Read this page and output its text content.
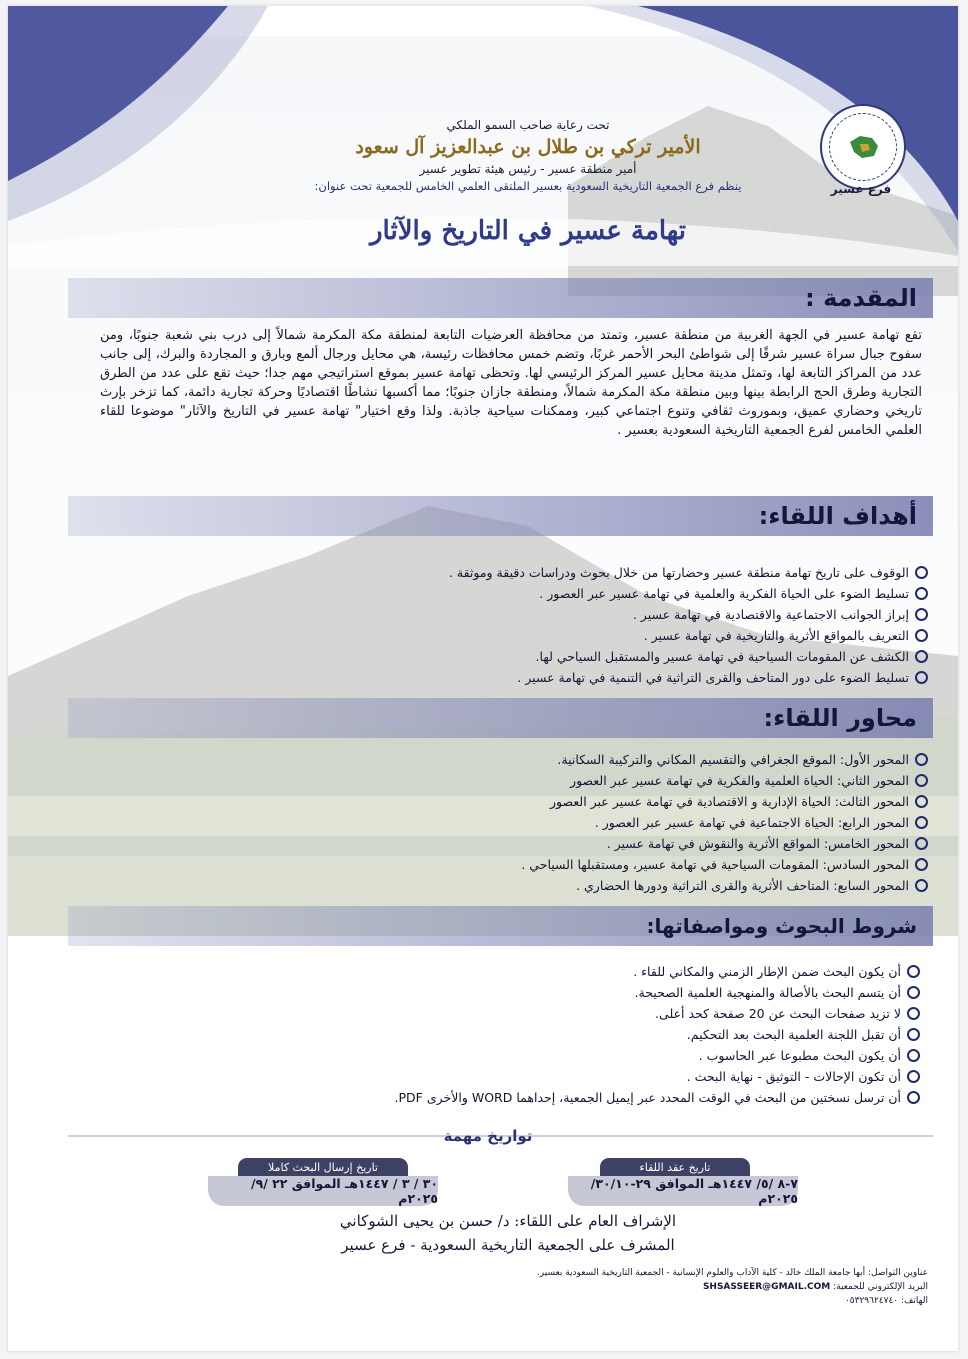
فرع عسير
تحت رعاية صاحب السمو الملكي
الأمير تركي بن طلال بن عبدالعزيز آل سعود
أمير منطقة عسير - رئيس هيئة تطوير عسير
ينظم فرع الجمعية التاريخية السعودية بعسير الملتقى العلمي الخامس للجمعية تحت عنوان:
تهامة عسير في التاريخ والآثار
المقدمة :
تقع تهامة عسير في الجهة الغربية من منطقة عسير، وتمتد من محافظة العرضيات التابعة لمنطقة مكة المكرمة شمالاً إلى درب بني شعبة جنوبًا، ومن سفوح جبال سراة عسير شرقًا إلى شواطئ البحر الأحمر غربًا، وتضم خمس محافظات رئيسة، هي محايل ورجال ألمع وبارق و المجاردة والبرك، إلى جانب عدد من المراكز التابعة لها، وتمثل مدينة محايل عسير المركز الرئيسي لها. وتحظى تهامة عسير بموقع استراتيجي مهم جدا؛ حيث تقع على عدد من الطرق التجارية وطرق الحج الرابطة بينها وبين منطقة مكة المكرمة شمالاً، ومنطقة جازان جنوبًا؛ مما أكسبها نشاطًا اقتصاديًا وحركة تجارية دائمة، كما تزخر بإرث تاريخي وحضاري عميق، وبموروث ثقافي وتنوع اجتماعي كبير، وممكنات سياحية جاذبة. ولذا وقع اختيار" تهامة عسير في التاريخ والآثار" موضوعا للقاء العلمي الخامس لفرع الجمعية التاريخية السعودية بعسير .
أهداف اللقاء:
الوقوف على تاريخ تهامة منطقة عسير وحضارتها من خلال بحوث ودراسات دقيقة وموثقة .
تسليط الضوء على الحياة الفكرية والعلمية في تهامة عسير عبر العصور .
إبراز الجوانب الاجتماعية والاقتصادية في تهامة عسير .
التعريف بالمواقع الأثرية والتاريخية في تهامة عسير .
الكشف عن المقومات السياحية في تهامة عسير والمستقبل السياحي لها.
تسليط الضوء على دور المتاحف والقرى التراثية في التنمية في تهامة عسير .
محاور اللقاء:
المحور الأول: الموقع الجغرافي والتقسيم المكاني والتركيبة السكانية.
المحور الثاني: الحياة العلمية والفكرية في تهامة عسير عبر العصور
المحور الثالث: الحياة الإدارية و الاقتصادية في تهامة عسير عبر العصور
المحور الرابع: الحياة الاجتماعية في تهامة عسير عبر العصور .
المحور الخامس: المواقع الأثرية والنقوش في تهامة عسير .
المحور السادس: المقومات السياحية في تهامة عسير، ومستقبلها السياحي .
المحور السابع: المتاحف الأثرية والقرى التراثية ودورها الحضاري .
شروط البحوث ومواصفاتها:
أن يكون البحث ضمن الإطار الزمني والمكاني للقاء .
أن يتسم البحث بالأصالة والمنهجية العلمية الصحيحة.
لا تزيد صفحات البحث عن 20 صفحة كحد أعلى.
أن تقبل اللجنة العلمية البحث بعد التحكيم.
أن يكون البحث مطبوعا عبر الحاسوب .
أن تكون الإحالات - التوثيق - نهاية البحث .
أن ترسل نسختين من البحث في الوقت المحدد عبر إيميل الجمعية، إحداهما WORD والأخرى PDF.
تواريخ مهمة
تاريخ عقد اللقاء
٧-٨ /٥/ ١٤٤٧هـ الموافق ٢٩-٣٠/١٠/ ٢٠٢٥م
تاريخ إرسال البحث كاملا
٣٠ / ٣ / ١٤٤٧هـ الموافق ٢٢ /٩/ ٢٠٢٥م
الإشراف العام على اللقاء: د/ حسن بن يحيى الشوكاني
المشرف على الجمعية التاريخية السعودية - فرع عسير
عناوين التواصل: أبها جامعة الملك خالد - كلية الآداب والعلوم الإنسانية - الجمعية التاريخية السعودية بعسير.
البريد الإلكتروني للجمعية: SHSASSEER@GMAIL.COM
الهاتف: ٠٥٣٢٩٦٢٤٧٤٠
